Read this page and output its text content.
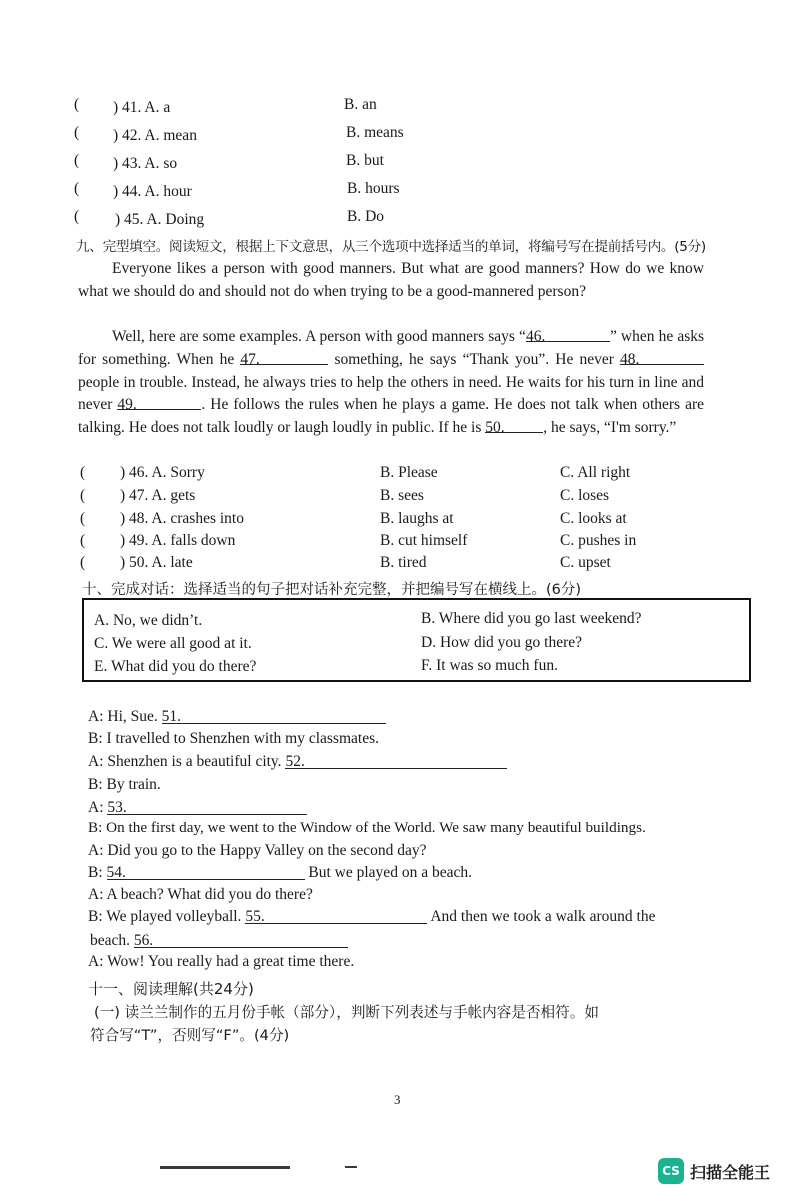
( ) 41. A. a	B. an
( ) 42. A. mean	B. means
( ) 43. A. so	B. but
( ) 44. A. hour	B. hours
( ) 45. A. Doing	B. Do
九、完型填空。阅读短文，根据上下文意思，从三个选项中选择适当的单词，将编号写在提前括号内。(5分)
Everyone likes a person with good manners. But what are good manners? How do we know what we should do and should not do when trying to be a good-mannered person?
Well, here are some examples. A person with good manners says “46.	” when he asks for something. When he 47.	something, he says “Thank you”. He never 48. people in trouble. Instead, he always tries to help the others in need. He waits for his turn in line and never 49.	. He follows the rules when he plays a game. He does not talk when others are talking. He does not talk loudly or laugh loudly in public. If he is 50. , he says, “I'm sorry.”
( ) 46. A. Sorry	B. Please	C. All right
( ) 47. A. gets	B. sees	C. loses
( ) 48. A. crashes into	B. laughs at	C. looks at
( ) 49. A. falls down	B. cut himself	C. pushes in
( ) 50. A. late	B. tired	C. upset
十、完成对话：选择适当的句子把对话补充完整，并把编号写在横线上。(6分)
A. No, we didn’t.	B. Where did you go last weekend?
C. We were all good at it.	D. How did you go there?
E. What did you do there?	F. It was so much fun.
A: Hi, Sue. 51.
B: I travelled to Shenzhen with my classmates.
A: Shenzhen is a beautiful city. 52.
B: By train.
A: 53.
B: On the first day, we went to the Window of the World. We saw many beautiful buildings.
A: Did you go to the Happy Valley on the second day?
B: 54.	But we played on a beach.
A: A beach? What did you do there?
B: We played volleyball. 55.	And then we took a walk around the
beach. 56.
A: Wow! You really had a great time there.
十一、阅读理解(共24分)
(一) 读兰兰制作的五月份手帐（部分），判断下列表述与手帐内容是否相符。如
符合写“T”，否则写“F”。(4分)
3
CS 扫描全能王
